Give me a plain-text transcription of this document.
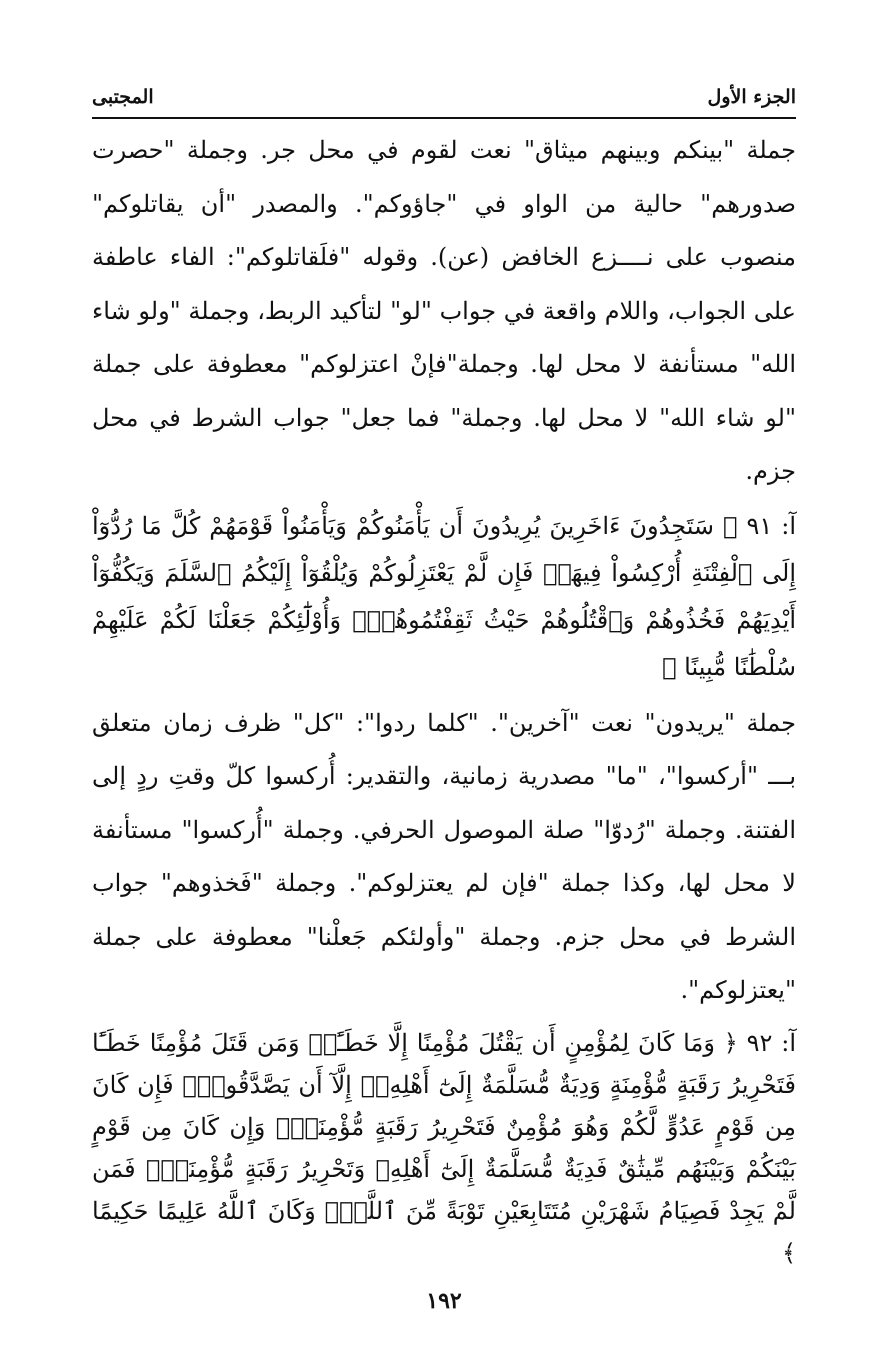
الجزء الأول
المجتبى

جملة "بينكم وبينهم ميثاق" نعت لقوم في محل جر. وجملة "حصرت صدورهم" حالية من الواو في "جاؤوكم". والمصدر "أن يقاتلوكم" منصوب على نــــزع الخافض (عن). وقوله "فلَقاتلوكم": الفاء عاطفة على الجواب، واللام واقعة في جواب "لو" لتأكيد الربط، وجملة "ولو شاء الله" مستأنفة لا محل لها. وجملة"فإنْ اعتزلوكم" معطوفة على جملة "لو شاء الله" لا محل لها. وجملة" فما جعل" جواب الشرط في محل جزم.

آ: ٩١ ﴿ سَتَجِدُونَ ءَاخَرِينَ يُرِيدُونَ أَن يَأْمَنُوكُمْ وَيَأْمَنُواْ قَوْمَهُمْ كُلَّ مَا رُدُّوٓاْ إِلَى ٱلْفِتْنَةِ أُرْكِسُواْ فِيهَاۚ فَإِن لَّمْ يَعْتَزِلُوكُمْ وَيُلْقُوٓاْ إِلَيْكُمُ ٱلسَّلَمَ وَيَكُفُّوٓاْ أَيْدِيَهُمْ فَخُذُوهُمْ وَٱقْتُلُوهُمْ حَيْثُ ثَقِفْتُمُوهُمْۚ وَأُوْلَٰٓئِكُمْ جَعَلْنَا لَكُمْ عَلَيْهِمْ سُلْطَٰنًا مُّبِينًا ﴾

جملة "يريدون" نعت "آخرين". "كلما ردوا": "كل" ظرف زمان متعلق بـــ "أركسوا"، "ما" مصدرية زمانية، والتقدير: أُركسوا كلّ وقتِ ردٍ إلى الفتنة. وجملة "رُدوّا" صلة الموصول الحرفي. وجملة "أُركسوا" مستأنفة لا محل لها، وكذا جملة "فإن لم يعتزلوكم". وجملة "فَخذوهم" جواب الشرط في محل جزم. وجملة "وأولئكم جَعلْنا" معطوفة على جملة "يعتزلوكم".

آ: ٩٢ ﴿ وَمَا كَانَ لِمُؤْمِنٍ أَن يَقْتُلَ مُؤْمِنًا إِلَّا خَطَـًٔاۚ وَمَن قَتَلَ مُؤْمِنًا خَطَـًٔا فَتَحْرِيرُ رَقَبَةٍ مُّؤْمِنَةٍ وَدِيَةٌ مُّسَلَّمَةٌ إِلَىٰٓ أَهْلِهِۦٓ إِلَّآ أَن يَصَّدَّقُواْۚ فَإِن كَانَ مِن قَوْمٍ عَدُوٍّ لَّكُمْ وَهُوَ مُؤْمِنٌ فَتَحْرِيرُ رَقَبَةٍ مُّؤْمِنَةٍۖ وَإِن كَانَ مِن قَوْمٍ بَيْنَكُمْ وَبَيْنَهُم مِّيثَٰقٌ فَدِيَةٌ مُّسَلَّمَةٌ إِلَىٰٓ أَهْلِهِۦ وَتَحْرِيرُ رَقَبَةٍ مُّؤْمِنَةٍۖ فَمَن لَّمْ يَجِدْ فَصِيَامُ شَهْرَيْنِ مُتَتَابِعَيْنِ تَوْبَةً مِّنَ ٱللَّهِۗ وَكَانَ ٱللَّهُ عَلِيمًا حَكِيمًا ﴾

١٩٢
